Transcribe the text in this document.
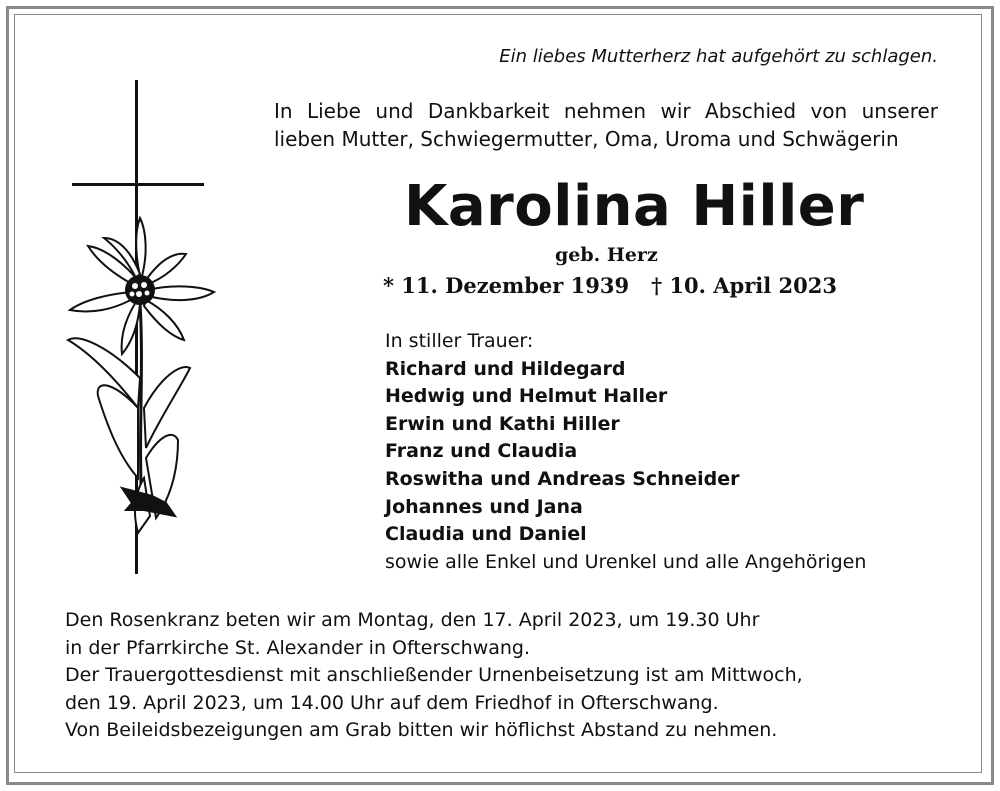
Ein liebes Mutterherz hat aufgehört zu schlagen.

In Liebe und Dankbarkeit nehmen wir Abschied von unserer
lieben Mutter, Schwiegermutter, Oma, Uroma und Schwägerin

Karolina Hiller

geb. Herz

* 11. Dezember 1939 † 10. April 2023

In stiller Trauer:
Richard und Hildegard
Hedwig und Helmut Haller
Erwin und Kathi Hiller
Franz und Claudia
Roswitha und Andreas Schneider
Johannes und Jana
Claudia und Daniel
sowie alle Enkel und Urenkel und alle Angehörigen
Den Rosenkranz beten wir am Montag, den 17. April 2023, um 19.30 Uhr
in der Pfarrkirche St. Alexander in Ofterschwang.
Der Trauergottesdienst mit anschließender Urnenbeisetzung ist am Mittwoch,
den 19. April 2023, um 14.00 Uhr auf dem Friedhof in Ofterschwang.
Von Beileidsbezeigungen am Grab bitten wir höflichst Abstand zu nehmen.
